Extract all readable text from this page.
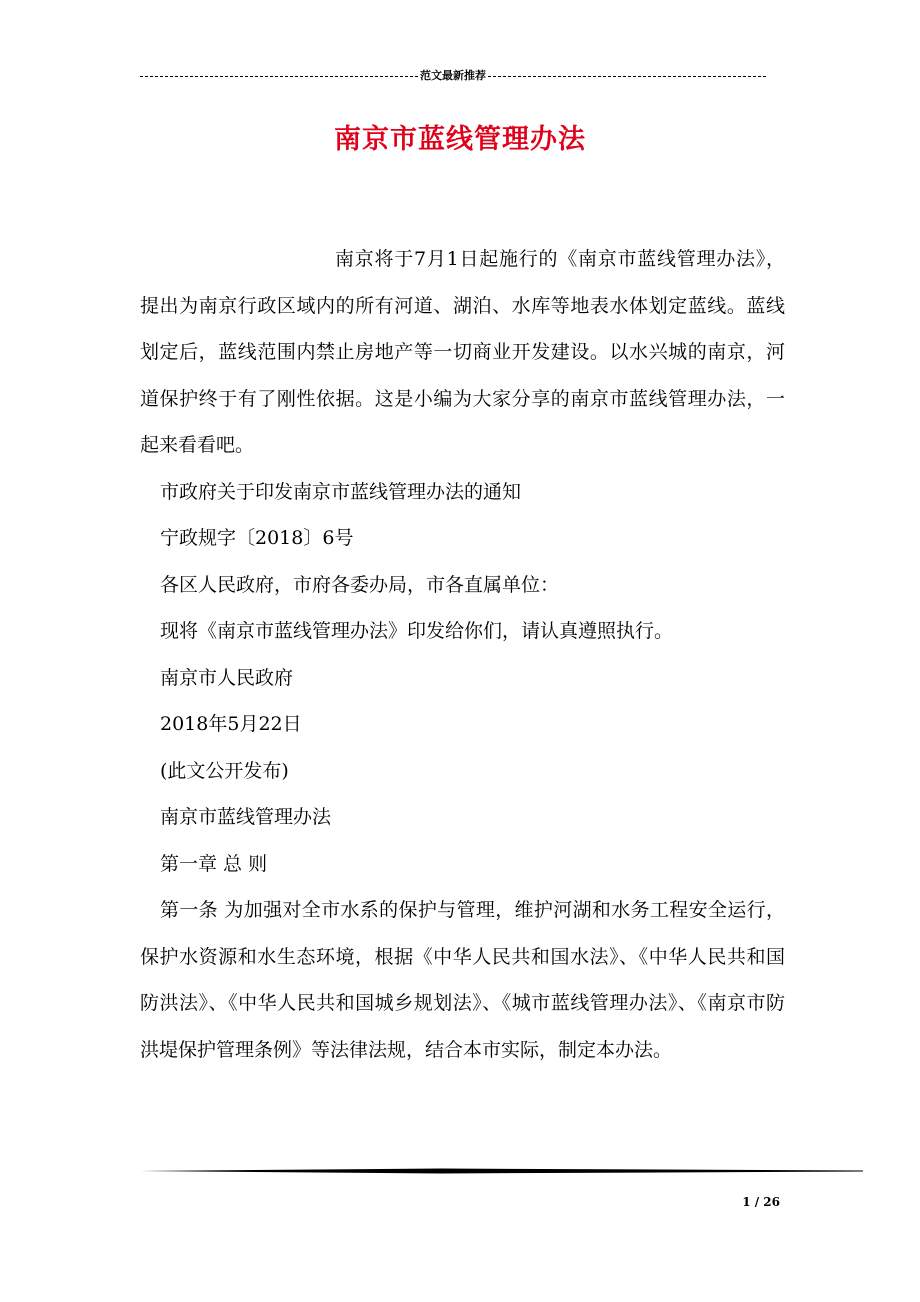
范文最新推荐
南京市蓝线管理办法

南京将于7月1日起施行的《南京市蓝线管理办法》，提出为南京行政区域内的所有河道、湖泊、水库等地表水体划定蓝线。蓝线划定后，蓝线范围内禁止房地产等一切商业开发建设。以水兴城的南京，河道保护终于有了刚性依据。这是小编为大家分享的南京市蓝线管理办法，一起来看看吧。

市政府关于印发南京市蓝线管理办法的通知

宁政规字〔2018〕6号

各区人民政府，市府各委办局，市各直属单位：

现将《南京市蓝线管理办法》印发给你们，请认真遵照执行。

南京市人民政府

2018年5月22日

(此文公开发布)

南京市蓝线管理办法

第一章 总 则

第一条 为加强对全市水系的保护与管理，维护河湖和水务工程安全运行，保护水资源和水生态环境，根据《中华人民共和国水法》、《中华人民共和国防洪法》、《中华人民共和国城乡规划法》、《城市蓝线管理办法》、《南京市防洪堤保护管理条例》等法律法规，结合本市实际，制定本办法。

1 / 26
